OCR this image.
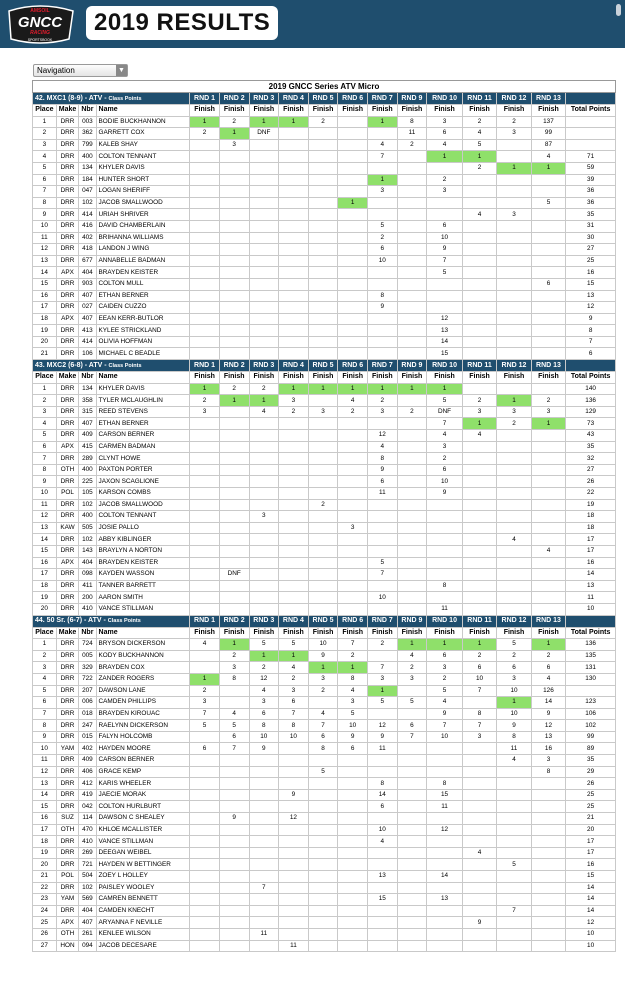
AMSOIL
GNCC
RACING
SPORTSBOOK
2019 RESULTS
Navigation	▼
2019 GNCC Series ATV Micro																
42. MXC1 (8-9) - ATV - Class Points				RND 1	RND 2	RND 3	RND 4	RND 5	RND 6	RND 7	RND 9	RND 10	RND 11	RND 12	RND 13	
Place	Make	Nbr	Name	Finish	Finish	Finish	Finish	Finish	Finish	Finish	Finish	Finish	Finish	Finish	Finish	Total Points
1	DRR	003	BODIE BUCKHANNON	1	2	1	1	2		1	8	3	2	2	137	
2	DRR	362	GARRETT COX	2	1	DNF					11	6	4	3	99	
3	DRR	799	KALEB SHAY		3					4	2	4	5		87	
4	DRR	400	COLTON TENNANT							7		1	1		4	71
5	DRR	134	KHYLER DAVIS										2	1	1	59
6	DRR	184	HUNTER SHORT							1		2				39
7	DRR	047	LOGAN SHERIFF							3		3				36
8	DRR	102	JACOB SMALLWOOD						1						5	36
9	DRR	414	URIAH SHRIVER										4	3		35
10	DRR	416	DAVID CHAMBERLAIN							5		6				31
11	DRR	402	BRIHANNA WILLIAMS							2		10				30
12	DRR	418	LANDON J WING							6		9				27
13	DRR	677	ANNABELLE BADMAN							10		7				25
14	APX	404	BRAYDEN KEISTER									5				16
15	DRR	903	COLTON MULL												6	15
16	DRR	407	ETHAN BERNER							8						13
17	DRR	027	CAIDEN CUZZO							9						12
18	APX	407	EEAN KERR-BUTLOR									12				9
19	DRR	413	KYLEE STRICKLAND									13				8
20	DRR	414	OLIVIA HOFFMAN									14				7
21	DRR	106	MICHAEL C BEADLE									15				6
43. MXC2 (6-8) - ATV - Class Points				RND 1	RND 2	RND 3	RND 4	RND 5	RND 6	RND 7	RND 9	RND 10	RND 11	RND 12	RND 13	
Place	Make	Nbr	Name	Finish	Finish	Finish	Finish	Finish	Finish	Finish	Finish	Finish	Finish	Finish	Finish	Total Points
1	DRR	134	KHYLER DAVIS	1	2	2	1	1	1	1	1	1				140
2	DRR	358	TYLER MCLAUGHLIN	2	1	1	3		4	2		5	2	1	2	136
3	DRR	315	REED STEVENS	3		4	2	3	2	3	2	DNF	3	3	3	129
4	DRR	407	ETHAN BERNER									7	1	2	1	73
5	DRR	409	CARSON BERNER							12		4	4			43
6	APX	415	CARMEN BADMAN							4		3				35
7	DRR	289	CLYNT HOWE							8		2				32
8	OTH	400	PAXTON PORTER							9		6				27
9	DRR	225	JAXON SCAGLIONE							6		10				26
10	POL	105	KARSON COMBS							11		9				22
11	DRR	102	JACOB SMALLWOOD					2								19
12	DRR	400	COLTON TENNANT			3										18
13	KAW	505	JOSIE PALLO						3							18
14	DRR	102	ABBY KIBLINGER											4		17
15	DRR	143	BRAYLYN A NORTON												4	17
16	APX	404	BRAYDEN KEISTER							5						16
17	DRR	098	KAYDEN WASSON		DNF					7						14
18	DRR	411	TANNER BARRETT									8				13
19	DRR	200	AARON SMITH							10						11
20	DRR	410	VANCE STILLMAN									11				10
44. 50 Sr. (6-7) - ATV - Class Points				RND 1	RND 2	RND 3	RND 4	RND 5	RND 6	RND 7	RND 9	RND 10	RND 11	RND 12	RND 13	
Place	Make	Nbr	Name	Finish	Finish	Finish	Finish	Finish	Finish	Finish	Finish	Finish	Finish	Finish	Finish	Total Points
1	DRR	724	BRYSON DICKERSON	4	1	5	5	10	7	2	1	1	1	5	1	136
2	DRR	005	KODY BUCKHANNON		2	1	1	9	2		4	6	2	2	2	135
3	DRR	329	BRAYDEN COX		3	2	4	1	1	7	2	3	6	6	6	131
4	DRR	722	ZANDER ROGERS	1	8	12	2	3	8	3	3	2	10	3	4	130
5	DRR	207	DAWSON LANE	2		4	3	2	4	1		5	7	10	126	
6	DRR	006	CAMDEN PHILLIPS	3		3	6		3	5	5	4		1	14	123
7	DRR	018	BRAYDEN KIROUAC	7	4	6	7	4	5			9	8	10	9	106
8	DRR	247	RAELYNN DICKERSON	5	5	8	8	7	10	12	6	7	7	9	12	102
9	DRR	015	FALYN HOLCOMB		6	10	10	6	9	9	7	10	3	8	13	99
10	YAM	402	HAYDEN MOORE	6	7	9		8	6	11				11	16	89
11	DRR	409	CARSON BERNER											4	3	35
12	DRR	406	GRACE KEMP					5							8	29
13	DRR	412	KARIS WHEELER							8		8				26
14	DRR	419	JAECIE MORAK				9			14		15				25
15	DRR	042	COLTON HURLBURT							6		11				25
16	SUZ	114	DAWSON C SHEALEY		9		12									21
17	OTH	470	KHLOE MCALLISTER							10		12				20
18	DRR	410	VANCE STILLMAN							4						17
19	DRR	269	DEEGAN WEIBEL										4			17
20	DRR	721	HAYDEN W BETTINGER											5		16
21	POL	504	ZOEY L HOLLEY							13		14				15
22	DRR	102	PAISLEY WOOLEY			7										14
23	YAM	569	CAMREN BENNETT							15		13				14
24	DRR	404	CAMDEN KNECHT											7		14
25	APX	407	ARYANNA F NEVILLE										9			12
26	OTH	261	KENLEE WILSON			11										10
27	HON	094	JACOB DECESARE				11									10
